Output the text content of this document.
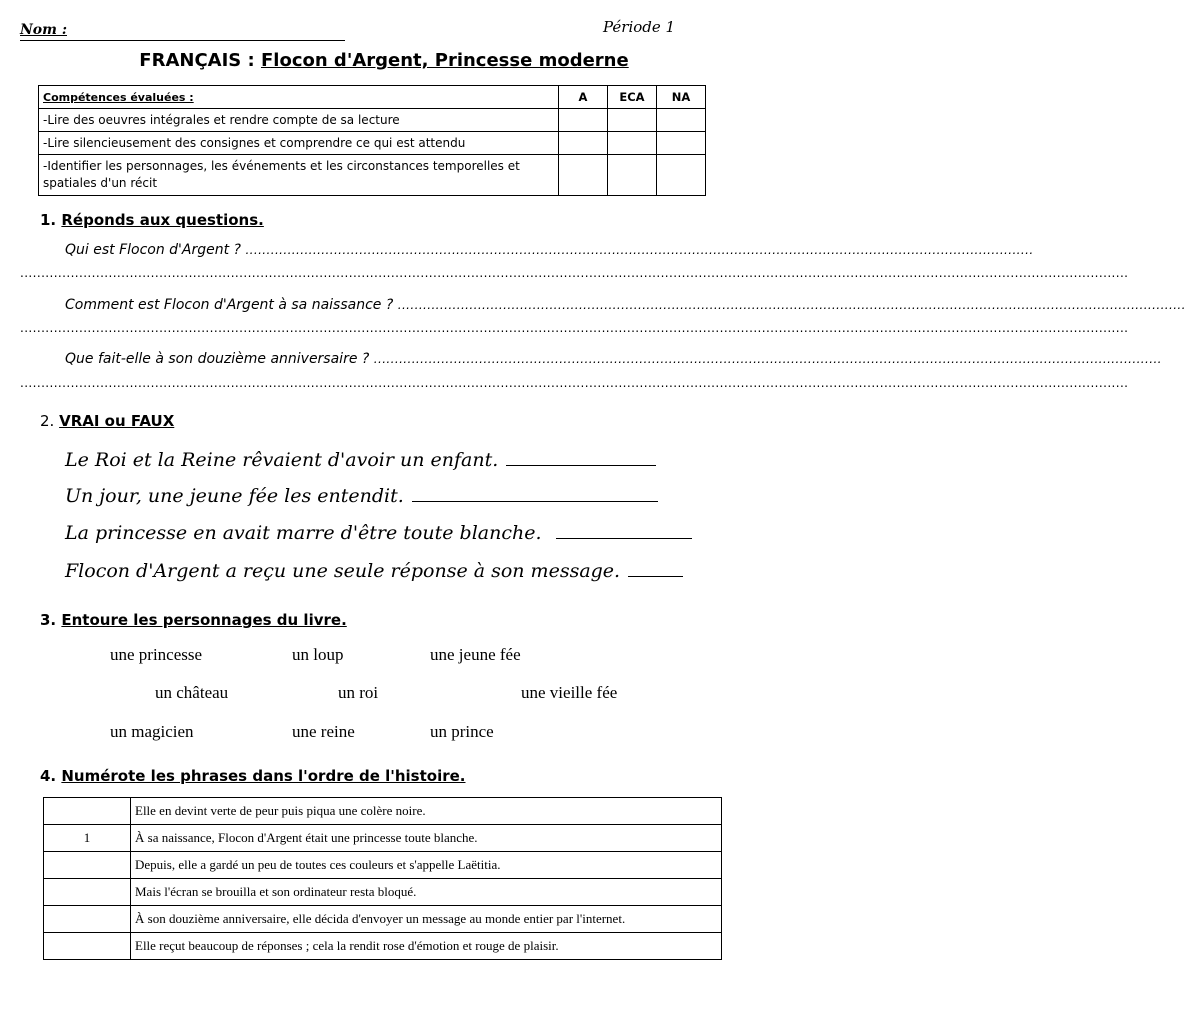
Nom :	Période 1
FRANÇAIS : Flocon d'Argent, Princesse moderne
Compétences évaluées :	A	ECA	NA
-Lire des oeuvres intégrales et rendre compte de sa lecture			
-Lire silencieusement des consignes et comprendre ce qui est attendu			
-Identifier les personnages, les événements et les circonstances temporelles et spatiales d'un récit			
1. Réponds aux questions.
Qui est Flocon d'Argent ? ...........................................................................................................................................................................................
.......................................................................................................................................................................................................................................................................
Comment est Flocon d'Argent à sa naissance ? ...........................................................................................................................................................................................
.......................................................................................................................................................................................................................................................................
Que fait-elle à son douzième anniversaire ? ...........................................................................................................................................................................................
.......................................................................................................................................................................................................................................................................
2. VRAI ou FAUX
Le Roi et la Reine rêvaient d'avoir un enfant.
Un jour, une jeune fée les entendit.
La princesse en avait marre d'être toute blanche.
Flocon d'Argent a reçu une seule réponse à son message.
3. Entoure les personnages du livre.
une princesse	un loup	une jeune fée
un château	un roi	une vieille fée
un magicien	une reine	un prince
4. Numérote les phrases dans l'ordre de l'histoire.
	Elle en devint verte de peur puis piqua une colère noire.
1	À sa naissance, Flocon d'Argent était une princesse toute blanche.
	Depuis, elle a gardé un peu de toutes ces couleurs et s'appelle Laëtitia.
	Mais l'écran se brouilla et son ordinateur resta bloqué.
	À son douzième anniversaire, elle décida d'envoyer un message au monde entier par l'internet.
	Elle reçut beaucoup de réponses ; cela la rendit rose d'émotion et rouge de plaisir.
